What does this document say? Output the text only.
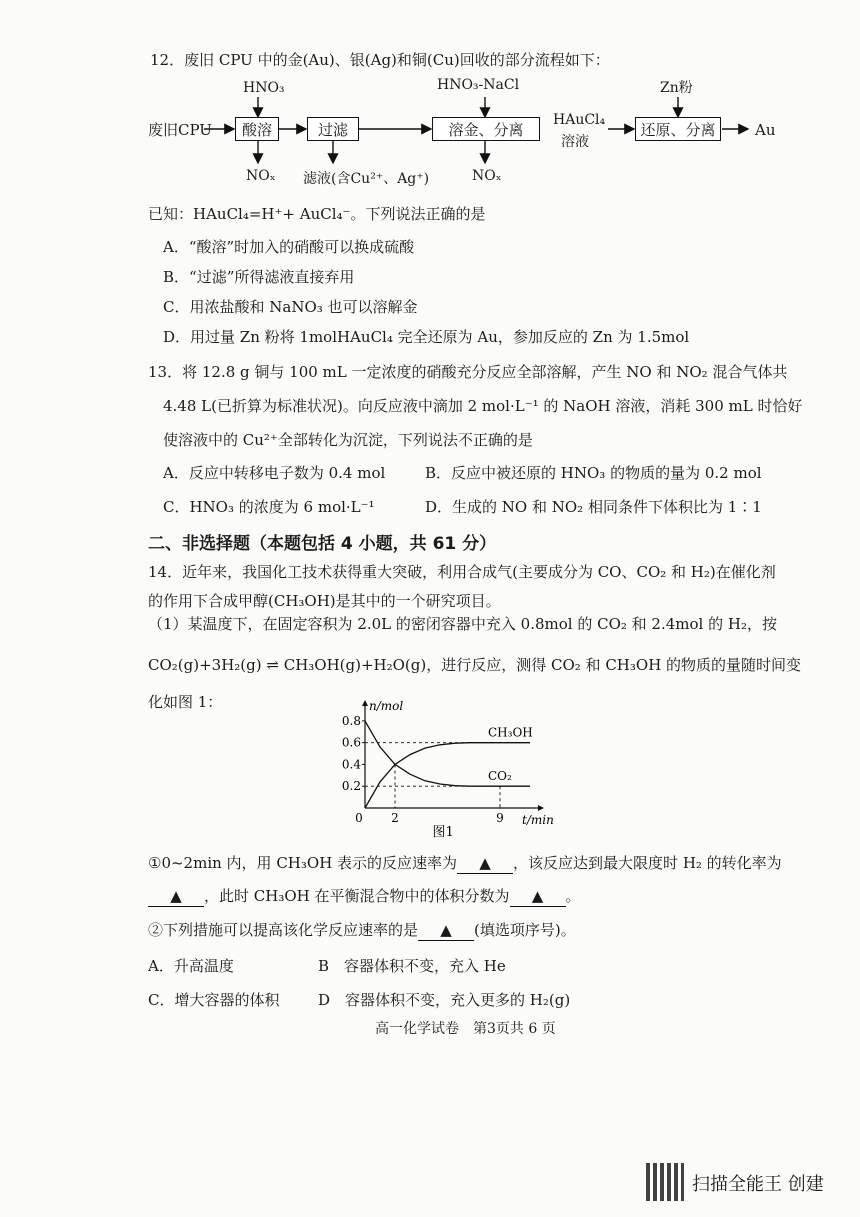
12．废旧 CPU 中的金(Au)、银(Ag)和铜(Cu)回收的部分流程如下：
废旧CPU
HNO₃
酸溶
NOₓ
过滤
滤液(含Cu²⁺、Ag⁺)
HNO₃-NaCl
溶金、分离
NOₓ
HAuCl₄
溶液
Zn粉
还原、分离	Au
已知：HAuCl₄=H⁺+ AuCl₄⁻。下列说法正确的是
A．“酸溶”时加入的硝酸可以换成硫酸
B．“过滤”所得滤液直接弃用
C．用浓盐酸和 NaNO₃ 也可以溶解金
D．用过量 Zn 粉将 1molHAuCl₄ 完全还原为 Au，参加反应的 Zn 为 1.5mol
13．将 12.8 g 铜与 100 mL 一定浓度的硝酸充分反应全部溶解，产生 NO 和 NO₂ 混合气体共
4.48 L(已折算为标准状况)。向反应液中滴加 2 mol·L⁻¹ 的 NaOH 溶液，消耗 300 mL 时恰好
使溶液中的 Cu²⁺全部转化为沉淀，下列说法不正确的是
A．反应中转移电子数为 0.4 mol	B．反应中被还原的 HNO₃ 的物质的量为 0.2 mol
C．HNO₃ 的浓度为 6 mol·L⁻¹	D．生成的 NO 和 NO₂ 相同条件下体积比为 1∶1
二、非选择题（本题包括 4 小题，共 61 分）
14．近年来，我国化工技术获得重大突破，利用合成气(主要成分为 CO、CO₂ 和 H₂)在催化剂
的作用下合成甲醇(CH₃OH)是其中的一个研究项目。
（1）某温度下，在固定容积为 2.0L 的密闭容器中充入 0.8mol 的 CO₂ 和 2.4mol 的 H₂，按
CO₂(g)+3H₂(g) ⇌ CH₃OH(g)+H₂O(g)，进行反应，测得 CO₂ 和 CH₃OH 的物质的量随时间变
化如图 1：
0.2
0.4
0.6
0.8
0 2	9
CH₃OH
CO₂
n/mol
t/min
图1
①0~2min 内，用 CH₃OH 表示的反应速率为 ▲ ，该反应达到最大限度时 H₂ 的转化率为
▲ ，此时 CH₃OH 在平衡混合物中的体积分数为 ▲ 。
②下列措施可以提高该化学反应速率的是 ▲ (填选项序号)。
A．升高温度	B　容器体积不变，充入 He
C．增大容器的体积	D　容器体积不变，充入更多的 H₂(g)
高一化学试卷　第3页共 6 页
扫描全能王 创建
